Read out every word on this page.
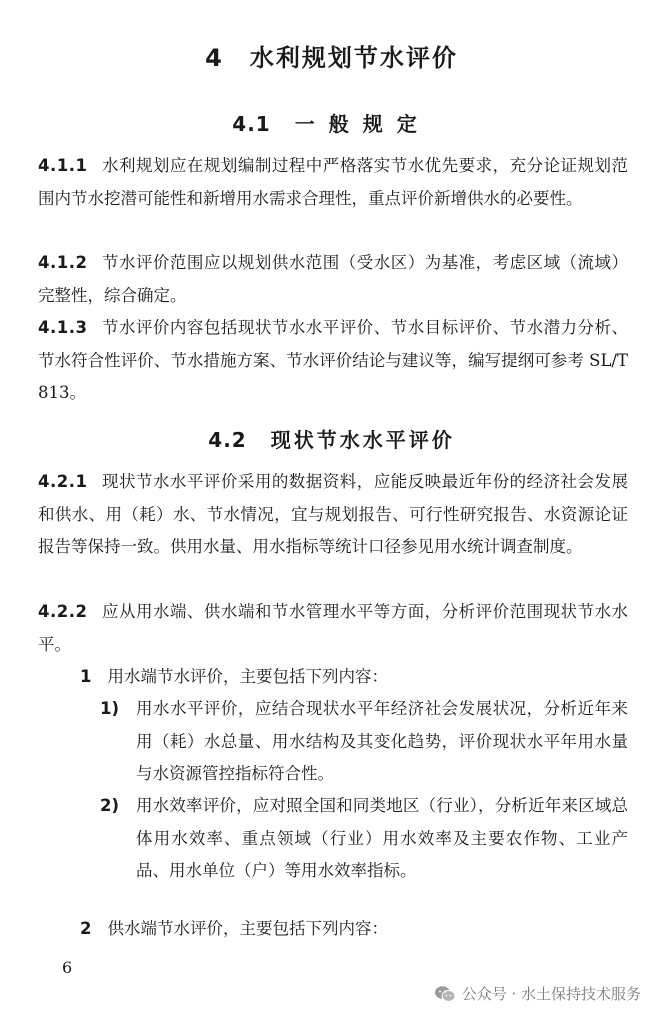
4 水利规划节水评价
4.1 一般规定

4.1.1 水利规划应在规划编制过程中严格落实节水优先要求，充分论证规划范围内节水挖潜可能性和新增用水需求合理性，重点评价新增供水的必要性。

4.1.2 节水评价范围应以规划供水范围（受水区）为基准，考虑区域（流域）完整性，综合确定。

4.1.3 节水评价内容包括现状节水水平评价、节水目标评价、节水潜力分析、节水符合性评价、节水措施方案、节水评价结论与建议等，编写提纲可参考 SL/T 813。

4.2 现状节水水平评价

4.2.1 现状节水水平评价采用的数据资料，应能反映最近年份的经济社会发展和供水、用（耗）水、节水情况，宜与规划报告、可行性研究报告、水资源论证报告等保持一致。供用水量、用水指标等统计口径参见用水统计调查制度。

4.2.2 应从用水端、供水端和节水管理水平等方面，分析评价范围现状节水水平。

1 用水端节水评价，主要包括下列内容：

1) 用水水平评价，应结合现状水平年经济社会发展状况，分析近年来用（耗）水总量、用水结构及其变化趋势，评价现状水平年用水量与水资源管控指标符合性。

2) 用水效率评价，应对照全国和同类地区（行业），分析近年来区域总体用水效率、重点领域（行业）用水效率及主要农作物、工业产品、用水单位（户）等用水效率指标。

2 供水端节水评价，主要包括下列内容：

6
公众号 · 水土保持技术服务
